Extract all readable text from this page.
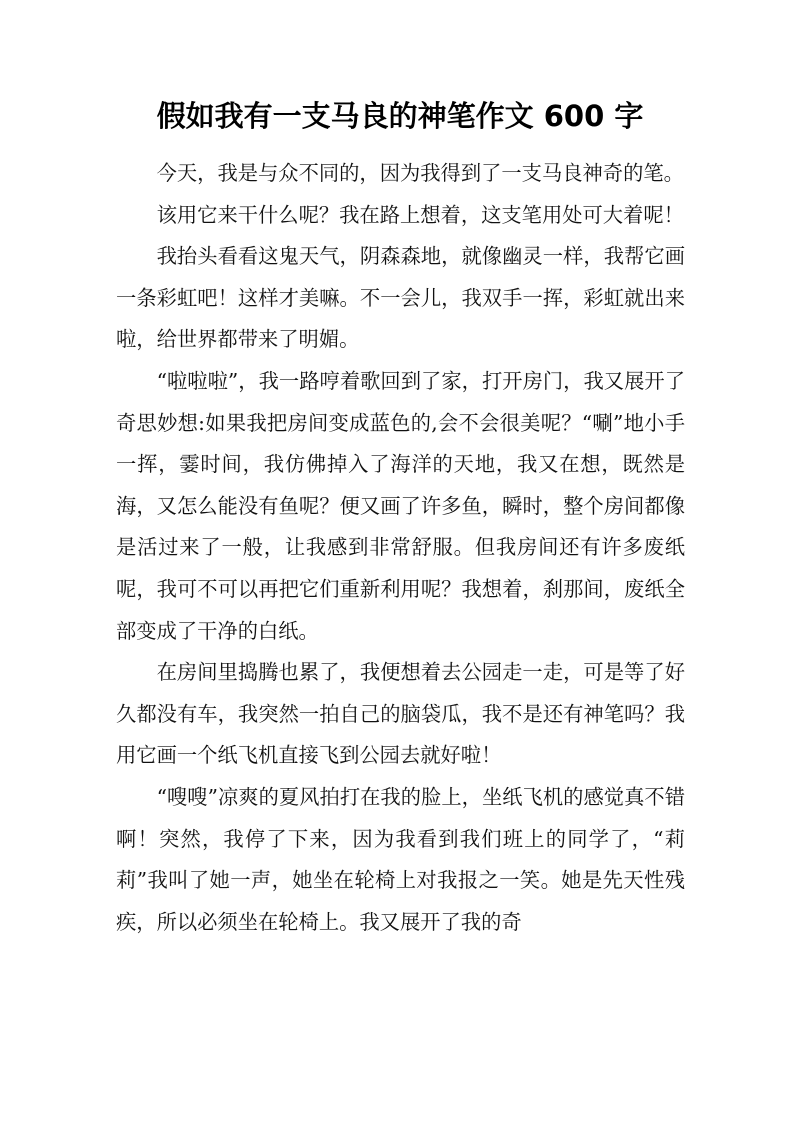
假如我有一支马良的神笔作文 600 字

今天，我是与众不同的，因为我得到了一支马良神奇的笔。

该用它来干什么呢？我在路上想着，这支笔用处可大着呢！

我抬头看看这鬼天气，阴森森地，就像幽灵一样，我帮它画一条彩虹吧！这样才美嘛。不一会儿，我双手一挥，彩虹就出来啦，给世界都带来了明媚。

“啦啦啦”，我一路哼着歌回到了家，打开房门，我又展开了奇思妙想:如果我把房间变成蓝色的,会不会很美呢？“唰”地小手一挥，霎时间，我仿佛掉入了海洋的天地，我又在想，既然是海，又怎么能没有鱼呢？便又画了许多鱼，瞬时，整个房间都像是活过来了一般，让我感到非常舒服。但我房间还有许多废纸呢，我可不可以再把它们重新利用呢？我想着，刹那间，废纸全部变成了干净的白纸。

在房间里捣腾也累了，我便想着去公园走一走，可是等了好久都没有车，我突然一拍自己的脑袋瓜，我不是还有神笔吗？我用它画一个纸飞机直接飞到公园去就好啦！

“嗖嗖”凉爽的夏风拍打在我的脸上，坐纸飞机的感觉真不错啊！突然，我停了下来，因为我看到我们班上的同学了，“莉莉”我叫了她一声，她坐在轮椅上对我报之一笑。她是先天性残疾，所以必须坐在轮椅上。我又展开了我的奇
